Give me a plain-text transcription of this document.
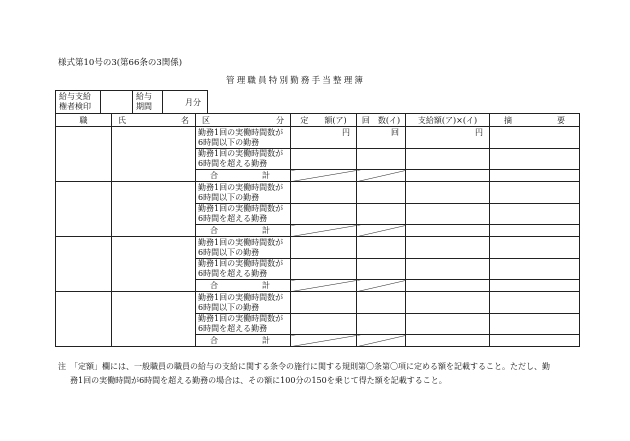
様式第10号の3(第66条の3関係)
管理職員特別勤務手当整理簿
給与支給
権者検印

給与
期間	月分
職	氏 名	区 分	定　　額(ア)	回　数(イ)	支給額(ア)×(イ)	摘 要

		勤務1回の実働時間数が
6時間以下の勤務	円	回	円	

		勤務1回の実働時間数が
6時間を超える勤務				

		合 計				

		勤務1回の実働時間数が
6時間以下の勤務				

		勤務1回の実働時間数が
6時間を超える勤務				

		合 計				

		勤務1回の実働時間数が
6時間以下の勤務				

		勤務1回の実働時間数が
6時間を超える勤務				

		合 計				

		勤務1回の実働時間数が
6時間以下の勤務				

		勤務1回の実働時間数が
6時間を超える勤務				

		合 計				

注　「定額」欄には、一般職員の職員の給与の支給に関する条令の施行に関する規則第〇条第〇項に定める額を記載すること。ただし、勤
務1回の実働時間が6時間を超える勤務の場合は、その額に100分の150を乗じて得た額を記載すること。
